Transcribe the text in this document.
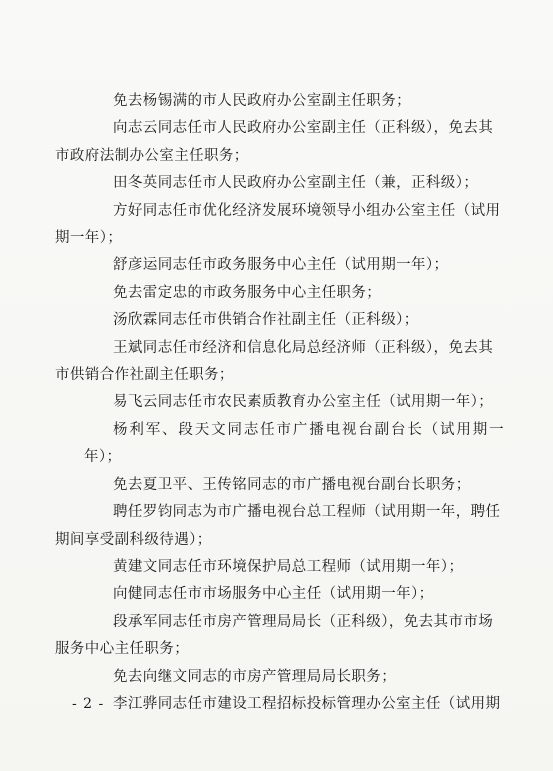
免去杨锡满的市人民政府办公室副主任职务；

向志云同志任市人民政府办公室副主任（正科级），免去其
市政府法制办公室主任职务；

田冬英同志任市人民政府办公室副主任（兼，正科级）；

方好同志任市优化经济发展环境领导小组办公室主任（试用
期一年）；

舒彦运同志任市政务服务中心主任（试用期一年）；

免去雷定忠的市政务服务中心主任职务；

汤欣霖同志任市供销合作社副主任（正科级）；

王斌同志任市经济和信息化局总经济师（正科级），免去其
市供销合作社副主任职务；

易飞云同志任市农民素质教育办公室主任（试用期一年）；

杨利军、段天文同志任市广播电视台副台长（试用期一年）；

免去夏卫平、王传铭同志的市广播电视台副台长职务；

聘任罗钧同志为市广播电视台总工程师（试用期一年，聘任
期间享受副科级待遇）；

黄建文同志任市环境保护局总工程师（试用期一年）；

向健同志任市市场服务中心主任（试用期一年）；

段承军同志任市房产管理局局长（正科级），免去其市市场
服务中心主任职务；

免去向继文同志的市房产管理局局长职务；

李江骅同志任市建设工程招标投标管理办公室主任（试用期

- 2 -
